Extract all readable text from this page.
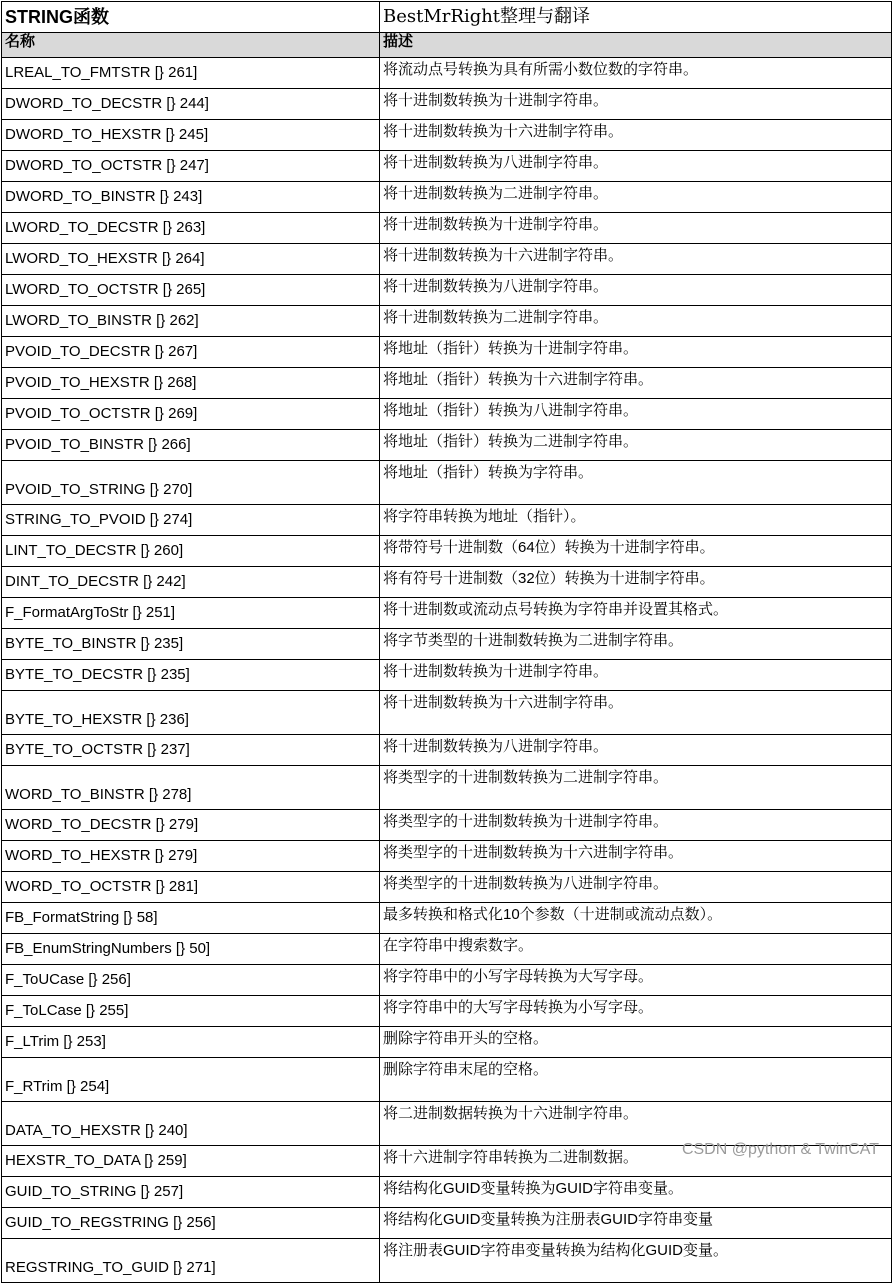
STRING函数	BestMrRight整理与翻译
名称	描述
LREAL_TO_FMTSTR [} 261]	将流动点号转换为具有所需小数位数的字符串。
DWORD_TO_DECSTR [} 244]	将十进制数转换为十进制字符串。
DWORD_TO_HEXSTR [} 245]	将十进制数转换为十六进制字符串。
DWORD_TO_OCTSTR [} 247]	将十进制数转换为八进制字符串。
DWORD_TO_BINSTR [} 243]	将十进制数转换为二进制字符串。
LWORD_TO_DECSTR [} 263]	将十进制数转换为十进制字符串。
LWORD_TO_HEXSTR [} 264]	将十进制数转换为十六进制字符串。
LWORD_TO_OCTSTR [} 265]	将十进制数转换为八进制字符串。
LWORD_TO_BINSTR [} 262]	将十进制数转换为二进制字符串。
PVOID_TO_DECSTR [} 267]	将地址（指针）转换为十进制字符串。
PVOID_TO_HEXSTR [} 268]	将地址（指针）转换为十六进制字符串。
PVOID_TO_OCTSTR [} 269]	将地址（指针）转换为八进制字符串。
PVOID_TO_BINSTR [} 266]	将地址（指针）转换为二进制字符串。
PVOID_TO_STRING [} 270]	将地址（指针）转换为字符串。
STRING_TO_PVOID [} 274]	将字符串转换为地址（指针）。
LINT_TO_DECSTR [} 260]	将带符号十进制数（64位）转换为十进制字符串。
DINT_TO_DECSTR [} 242]	将有符号十进制数（32位）转换为十进制字符串。
F_FormatArgToStr [} 251]	将十进制数或流动点号转换为字符串并设置其格式。
BYTE_TO_BINSTR [} 235]	将字节类型的十进制数转换为二进制字符串。
BYTE_TO_DECSTR [} 235]	将十进制数转换为十进制字符串。
BYTE_TO_HEXSTR [} 236]	将十进制数转换为十六进制字符串。
BYTE_TO_OCTSTR [} 237]	将十进制数转换为八进制字符串。
WORD_TO_BINSTR [} 278]	将类型字的十进制数转换为二进制字符串。
WORD_TO_DECSTR [} 279]	将类型字的十进制数转换为十进制字符串。
WORD_TO_HEXSTR [} 279]	将类型字的十进制数转换为十六进制字符串。
WORD_TO_OCTSTR [} 281]	将类型字的十进制数转换为八进制字符串。
FB_FormatString [} 58]	最多转换和格式化10个参数（十进制或流动点数）。
FB_EnumStringNumbers [} 50]	在字符串中搜索数字。
F_ToUCase [} 256]	将字符串中的小写字母转换为大写字母。
F_ToLCase [} 255]	将字符串中的大写字母转换为小写字母。
F_LTrim [} 253]	删除字符串开头的空格。
F_RTrim [} 254]	删除字符串末尾的空格。
DATA_TO_HEXSTR [} 240]	将二进制数据转换为十六进制字符串。
HEXSTR_TO_DATA [} 259]	将十六进制字符串转换为二进制数据。
GUID_TO_STRING [} 257]	将结构化GUID变量转换为GUID字符串变量。
GUID_TO_REGSTRING [} 256]	将结构化GUID变量转换为注册表GUID字符串变量
REGSTRING_TO_GUID [} 271]	将注册表GUID字符串变量转换为结构化GUID变量。
CSDN @python & TwinCAT
